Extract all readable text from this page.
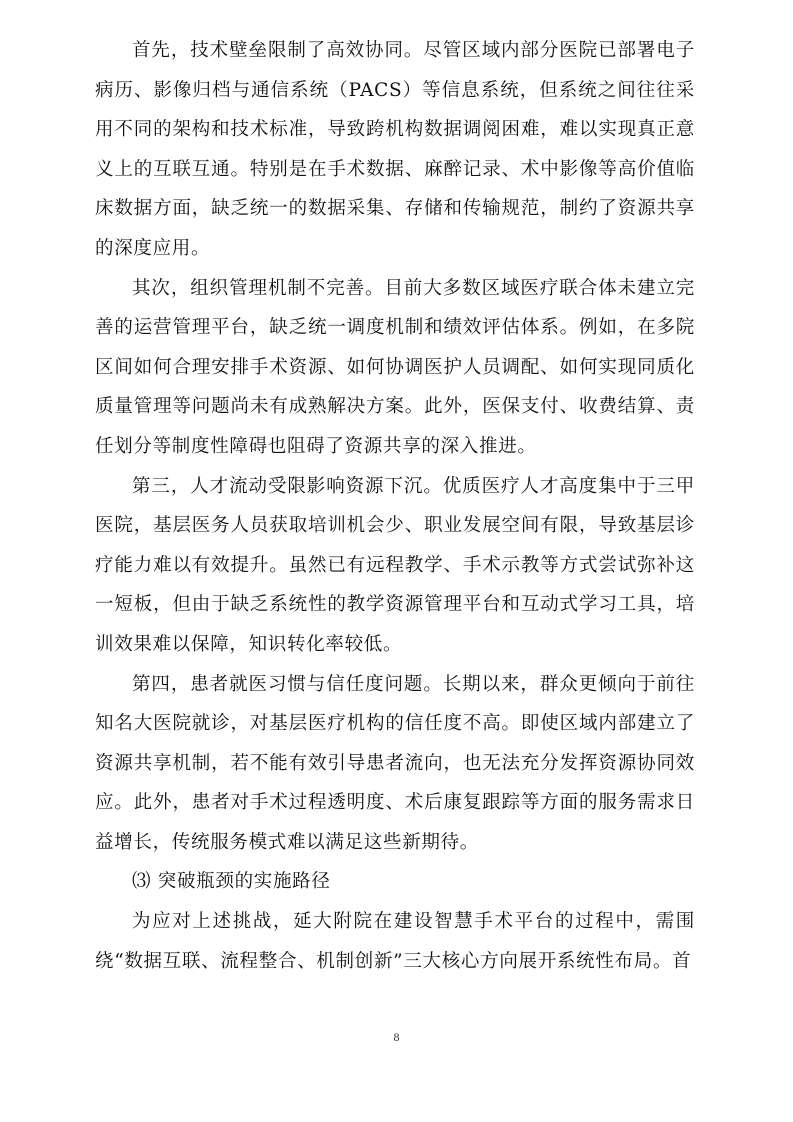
首先，技术壁垒限制了高效协同。尽管区域内部分医院已部署电子病历、影像归档与通信系统（PACS）等信息系统，但系统之间往往采用不同的架构和技术标准，导致跨机构数据调阅困难，难以实现真正意义上的互联互通。特别是在手术数据、麻醉记录、术中影像等高价值临床数据方面，缺乏统一的数据采集、存储和传输规范，制约了资源共享的深度应用。

其次，组织管理机制不完善。目前大多数区域医疗联合体未建立完善的运营管理平台，缺乏统一调度机制和绩效评估体系。例如，在多院区间如何合理安排手术资源、如何协调医护人员调配、如何实现同质化质量管理等问题尚未有成熟解决方案。此外，医保支付、收费结算、责任划分等制度性障碍也阻碍了资源共享的深入推进。

第三，人才流动受限影响资源下沉。优质医疗人才高度集中于三甲医院，基层医务人员获取培训机会少、职业发展空间有限，导致基层诊疗能力难以有效提升。虽然已有远程教学、手术示教等方式尝试弥补这一短板，但由于缺乏系统性的教学资源管理平台和互动式学习工具，培训效果难以保障，知识转化率较低。

第四，患者就医习惯与信任度问题。长期以来，群众更倾向于前往知名大医院就诊，对基层医疗机构的信任度不高。即使区域内部建立了资源共享机制，若不能有效引导患者流向，也无法充分发挥资源协同效应。此外，患者对手术过程透明度、术后康复跟踪等方面的服务需求日益增长，传统服务模式难以满足这些新期待。

⑶ 突破瓶颈的实施路径

为应对上述挑战，延大附院在建设智慧手术平台的过程中，需围绕“数据互联、流程整合、机制创新”三大核心方向展开系统性布局。首

8
